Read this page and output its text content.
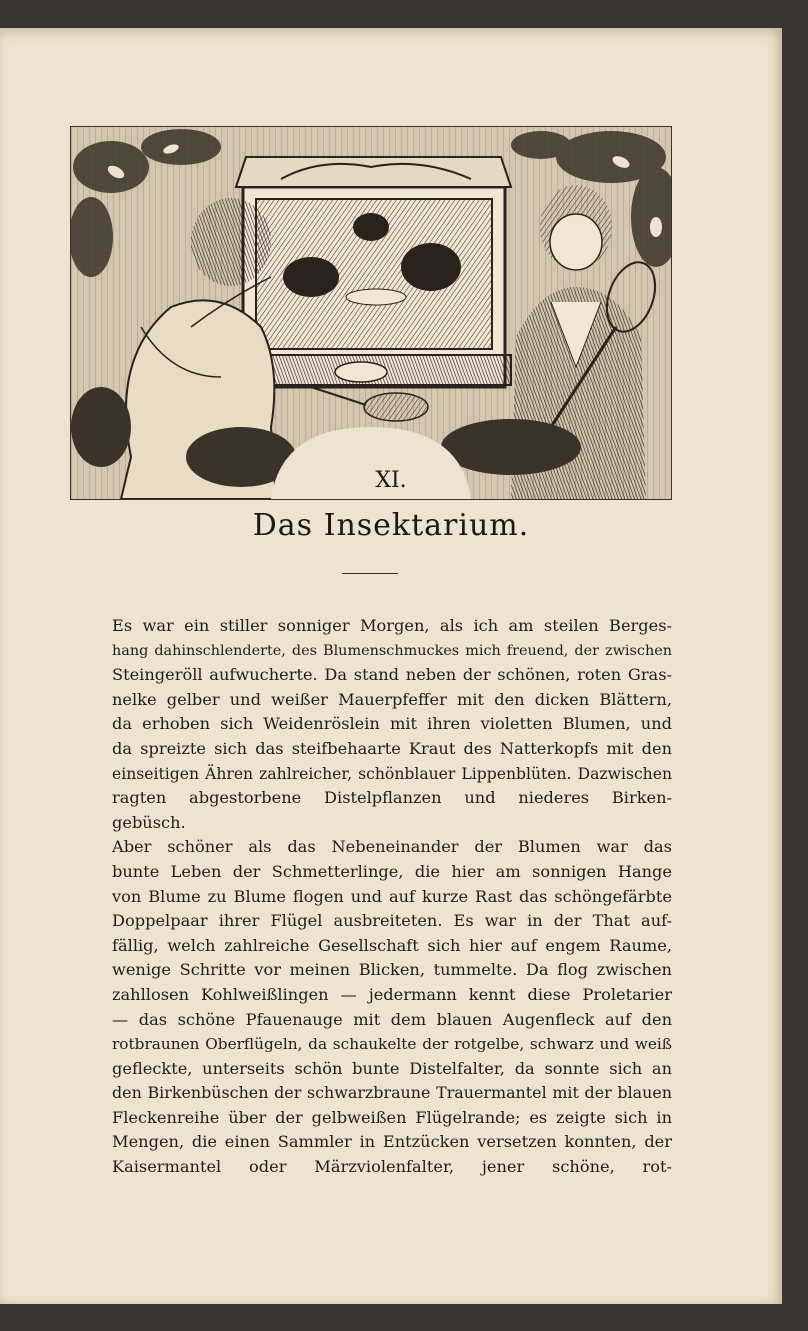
XI.
Das Insektarium.
Es war ein stiller sonniger Morgen, als ich am steilen Berges-
hang dahinschlenderte, des Blumenschmuckes mich freuend, der zwischen
Steingeröll aufwucherte. Da stand neben der schönen, roten Gras-
nelke gelber und weißer Mauerpfeffer mit den dicken Blättern,
da erhoben sich Weidenröslein mit ihren violetten Blumen, und
da spreizte sich das steifbehaarte Kraut des Natterkopfs mit den
einseitigen Ähren zahlreicher, schönblauer Lippenblüten. Dazwischen
ragten abgestorbene Distelpflanzen und niederes Birken-
gebüsch.
Aber schöner als das Nebeneinander der Blumen war das
bunte Leben der Schmetterlinge, die hier am sonnigen Hange
von Blume zu Blume flogen und auf kurze Rast das schöngefärbte
Doppelpaar ihrer Flügel ausbreiteten. Es war in der That auf-
fällig, welch zahlreiche Gesellschaft sich hier auf engem Raume,
wenige Schritte vor meinen Blicken, tummelte. Da flog zwischen
zahllosen Kohlweißlingen — jedermann kennt diese Proletarier
— das schöne Pfauenauge mit dem blauen Augenfleck auf den
rotbraunen Oberflügeln, da schaukelte der rotgelbe, schwarz und weiß
gefleckte, unterseits schön bunte Distelfalter, da sonnte sich an
den Birkenbüschen der schwarzbraune Trauermantel mit der blauen
Fleckenreihe über der gelbweißen Flügelrande; es zeigte sich in
Mengen, die einen Sammler in Entzücken versetzen konnten, der
Kaisermantel oder Märzviolenfalter, jener schöne, rot-
